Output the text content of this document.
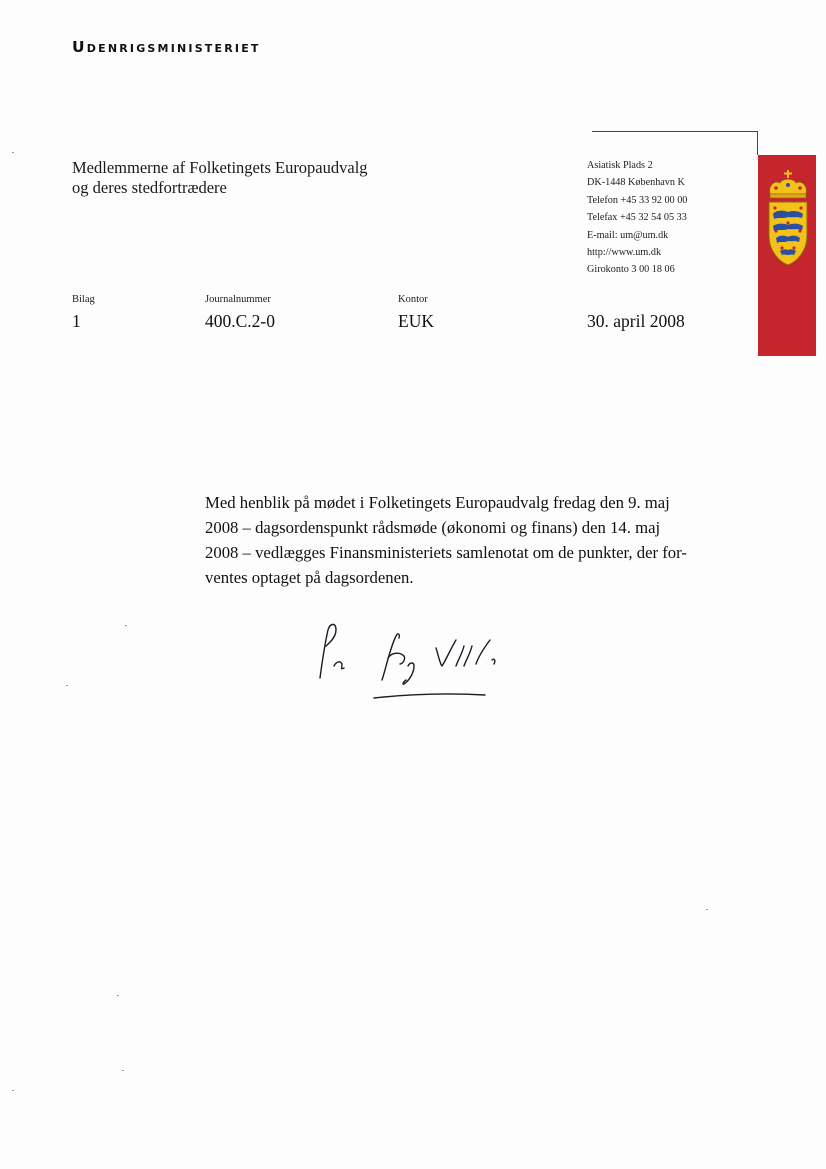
Udenrigsministeriet
Medlemmerne af Folketingets Europaudvalg
og deres stedfortrædere
Asiatisk Plads 2
DK-1448 København K
Telefon +45 33 92 00 00
Telefax +45 32 54 05 33
E-mail: um@um.dk
http://www.um.dk
Girokonto 3 00 18 06
Bilag
1
Journalnummer
400.C.2-0
Kontor
EUK	30. april 2008
Med henblik på mødet i Folketingets Europaudvalg fredag den 9. maj
2008 – dagsordenspunkt rådsmøde (økonomi og finans) den 14. maj
2008 – vedlægges Finansministeriets samlenotat om de punkter, der for-
ventes optaget på dagsordenen.
